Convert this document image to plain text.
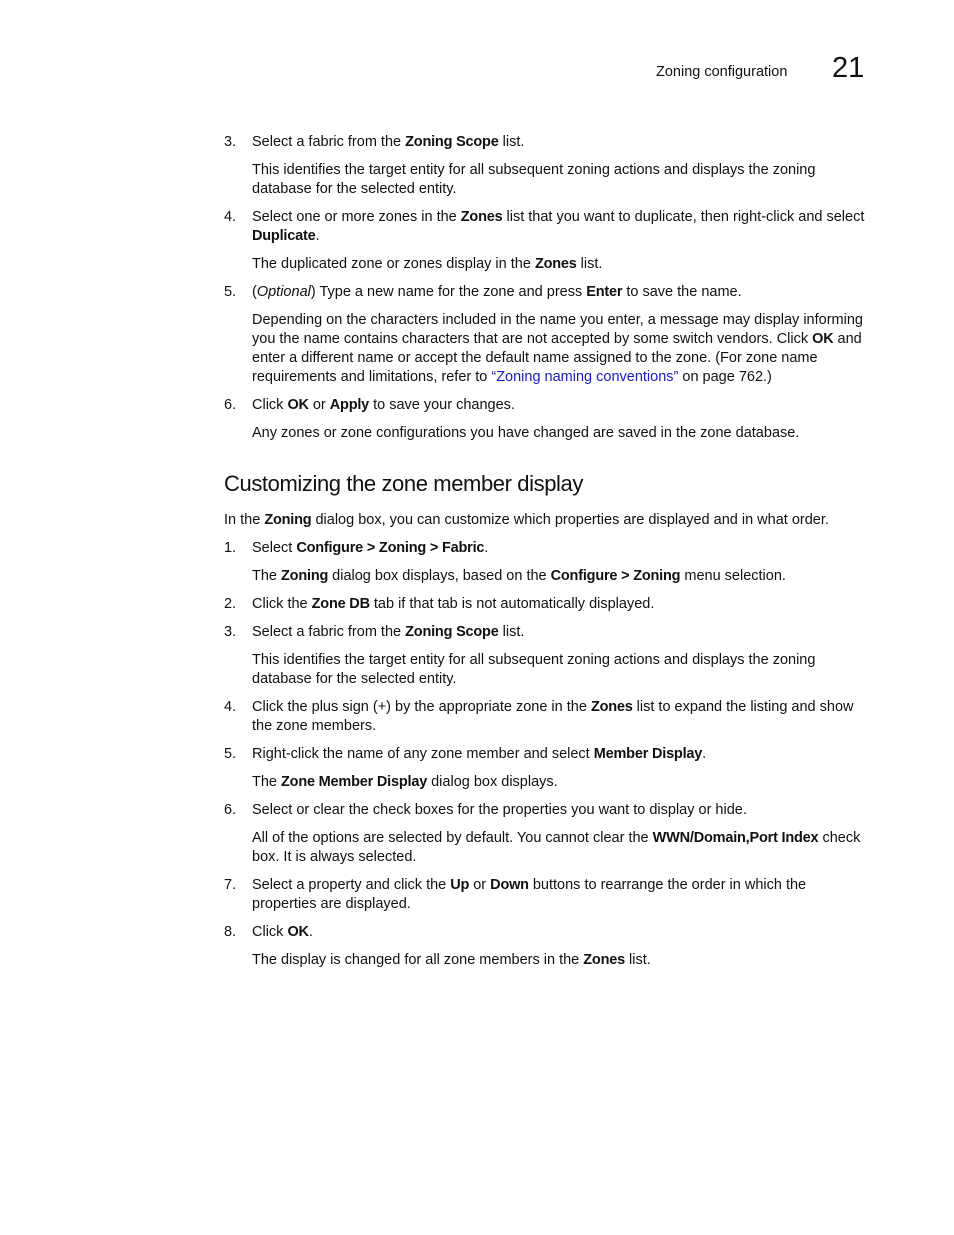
Zoning configuration 21
3. Select a fabric from the Zoning Scope list.
This identifies the target entity for all subsequent zoning actions and displays the zoning database for the selected entity.
4. Select one or more zones in the Zones list that you want to duplicate, then right-click and select Duplicate.
The duplicated zone or zones display in the Zones list.
5. (Optional) Type a new name for the zone and press Enter to save the name.
Depending on the characters included in the name you enter, a message may display informing you the name contains characters that are not accepted by some switch vendors. Click OK and enter a different name or accept the default name assigned to the zone. (For zone name requirements and limitations, refer to “Zoning naming conventions” on page 762.)
6. Click OK or Apply to save your changes.
Any zones or zone configurations you have changed are saved in the zone database.
Customizing the zone member display
In the Zoning dialog box, you can customize which properties are displayed and in what order.
1. Select Configure > Zoning > Fabric.
The Zoning dialog box displays, based on the Configure > Zoning menu selection.
2. Click the Zone DB tab if that tab is not automatically displayed.
3. Select a fabric from the Zoning Scope list.
This identifies the target entity for all subsequent zoning actions and displays the zoning database for the selected entity.
4. Click the plus sign (+) by the appropriate zone in the Zones list to expand the listing and show the zone members.
5. Right-click the name of any zone member and select Member Display.
The Zone Member Display dialog box displays.
6. Select or clear the check boxes for the properties you want to display or hide.
All of the options are selected by default. You cannot clear the WWN/Domain,Port Index check box. It is always selected.
7. Select a property and click the Up or Down buttons to rearrange the order in which the properties are displayed.
8. Click OK.
The display is changed for all zone members in the Zones list.
